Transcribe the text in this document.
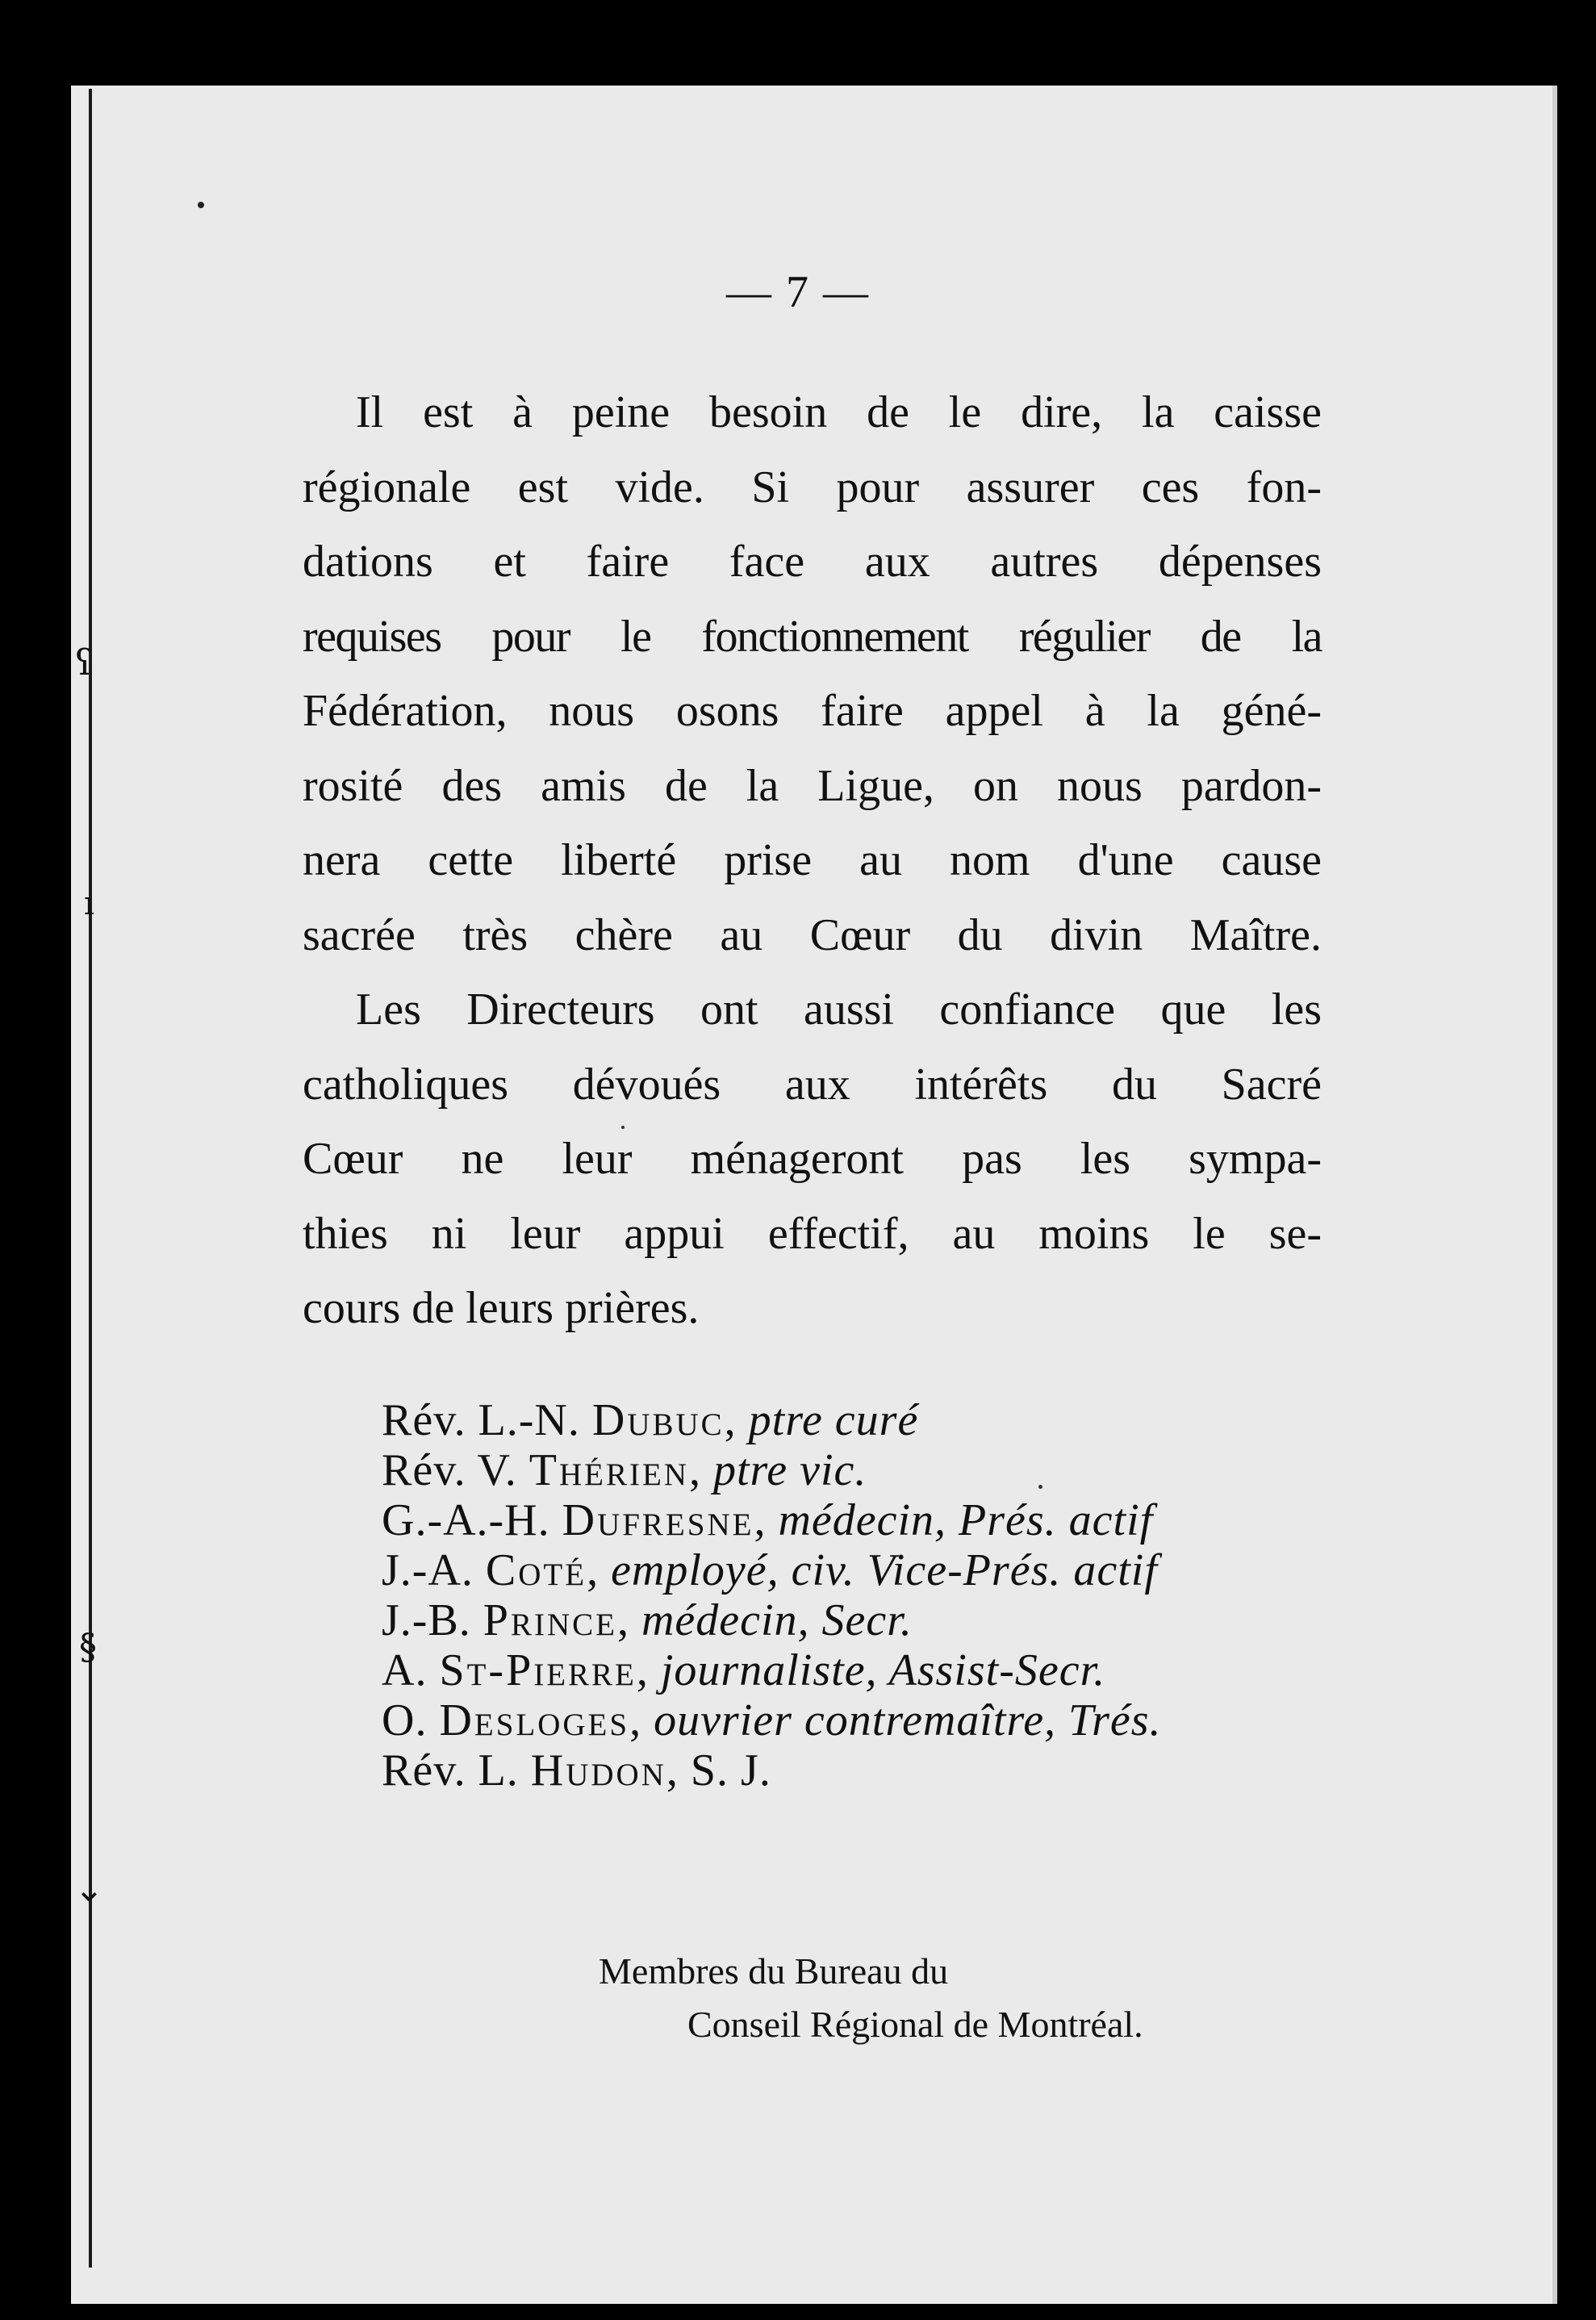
ʕ
ı
§
⌄
— 7 —

Il est à peine besoin de le dire, la caisse
régionale est vide. Si pour assurer ces fon-
dations et faire face aux autres dépenses
requises pour le fonctionnement régulier de la
Fédération, nous osons faire appel à la géné-
rosité des amis de la Ligue, on nous pardon-
nera cette liberté prise au nom d'une cause
sacrée très chère au Cœur du divin Maître.

Les Directeurs ont aussi confiance que les
catholiques dévoués aux intérêts du Sacré
Cœur ne leur ménageront pas les sympa-
thies ni leur appui effectif, au moins le se-
cours de leurs prières.

Rév. L.-N. Dubuc, ptre curé
Rév. V. Thérien, ptre vic.
G.-A.-H. Dufresne, médecin, Prés. actif
J.-A. Coté, employé, civ. Vice-Prés. actif
J.-B. Prince, médecin, Secr.
A. St-Pierre, journaliste, Assist-Secr.
O. Desloges, ouvrier contremaître, Trés.
Rév. L. Hudon, S. J.
Membres du Bureau du
Conseil Régional de Montréal.
